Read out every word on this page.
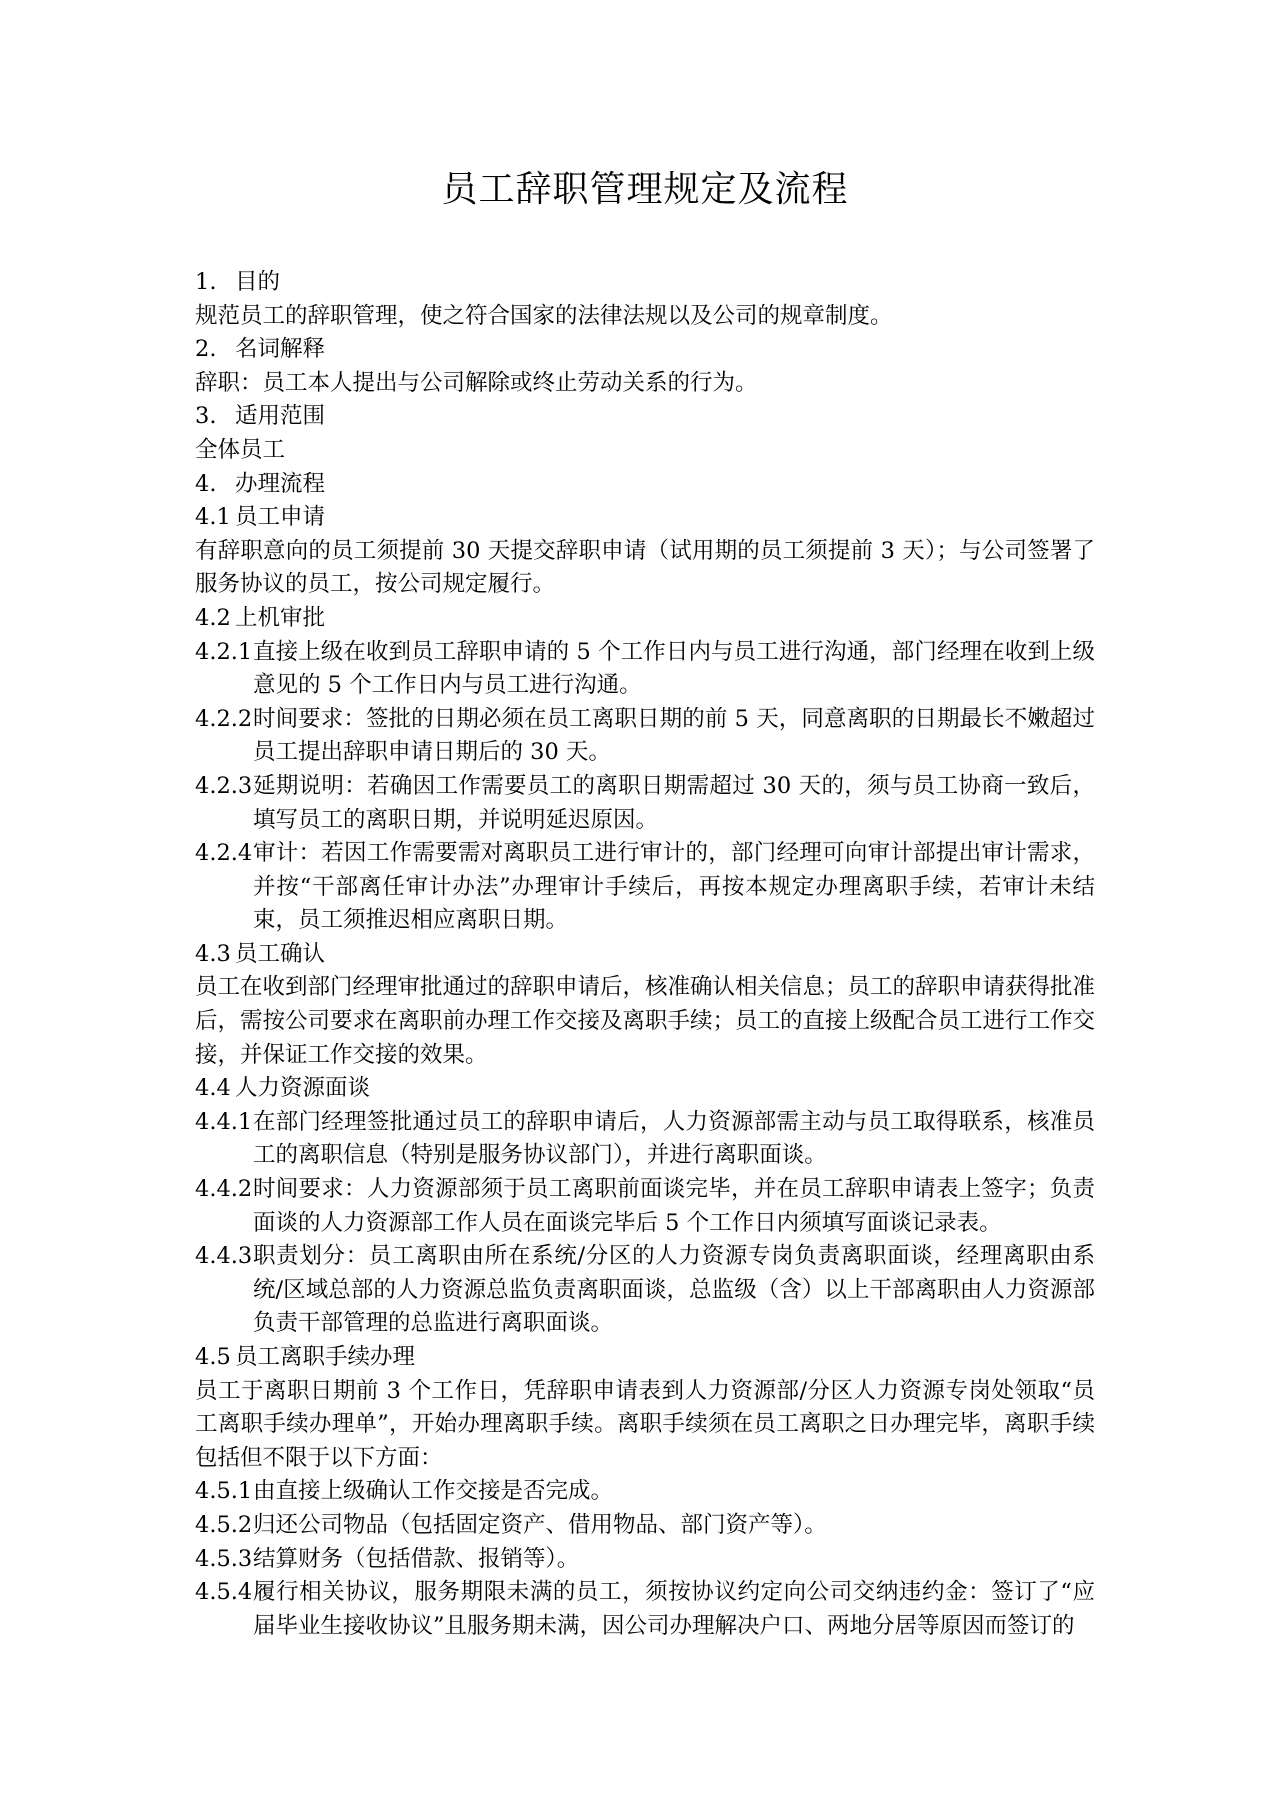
员工辞职管理规定及流程
1. 目的
规范员工的辞职管理，使之符合国家的法律法规以及公司的规章制度。
2. 名词解释
辞职：员工本人提出与公司解除或终止劳动关系的行为。
3. 适用范围
全体员工
4. 办理流程
4.1 员工申请
有辞职意向的员工须提前 30 天提交辞职申请（试用期的员工须提前 3 天）；与公司签署了服务协议的员工，按公司规定履行。
4.2 上机审批
4.2.1 直接上级在收到员工辞职申请的 5 个工作日内与员工进行沟通，部门经理在收到上级意见的 5 个工作日内与员工进行沟通。
4.2.2 时间要求：签批的日期必须在员工离职日期的前 5 天，同意离职的日期最长不嫩超过员工提出辞职申请日期后的 30 天。
4.2.3 延期说明：若确因工作需要员工的离职日期需超过 30 天的，须与员工协商一致后，填写员工的离职日期，并说明延迟原因。
4.2.4 审计：若因工作需要需对离职员工进行审计的，部门经理可向审计部提出审计需求，并按“干部离任审计办法”办理审计手续后，再按本规定办理离职手续，若审计未结束，员工须推迟相应离职日期。
4.3 员工确认
员工在收到部门经理审批通过的辞职申请后，核准确认相关信息；员工的辞职申请获得批准后，需按公司要求在离职前办理工作交接及离职手续；员工的直接上级配合员工进行工作交接，并保证工作交接的效果。
4.4 人力资源面谈
4.4.1 在部门经理签批通过员工的辞职申请后，人力资源部需主动与员工取得联系，核准员工的离职信息（特别是服务协议部门），并进行离职面谈。
4.4.2 时间要求：人力资源部须于员工离职前面谈完毕，并在员工辞职申请表上签字；负责面谈的人力资源部工作人员在面谈完毕后 5 个工作日内须填写面谈记录表。
4.4.3 职责划分：员工离职由所在系统/分区的人力资源专岗负责离职面谈，经理离职由系统/区域总部的人力资源总监负责离职面谈，总监级（含）以上干部离职由人力资源部负责干部管理的总监进行离职面谈。
4.5 员工离职手续办理
员工于离职日期前 3 个工作日，凭辞职申请表到人力资源部/分区人力资源专岗处领取“员工离职手续办理单”，开始办理离职手续。离职手续须在员工离职之日办理完毕，离职手续包括但不限于以下方面：
4.5.1 由直接上级确认工作交接是否完成。
4.5.2 归还公司物品（包括固定资产、借用物品、部门资产等）。
4.5.3 结算财务（包括借款、报销等）。
4.5.4 履行相关协议，服务期限未满的员工，须按协议约定向公司交纳违约金：签订了“应届毕业生接收协议”且服务期未满，因公司办理解决户口、两地分居等原因而签订的
